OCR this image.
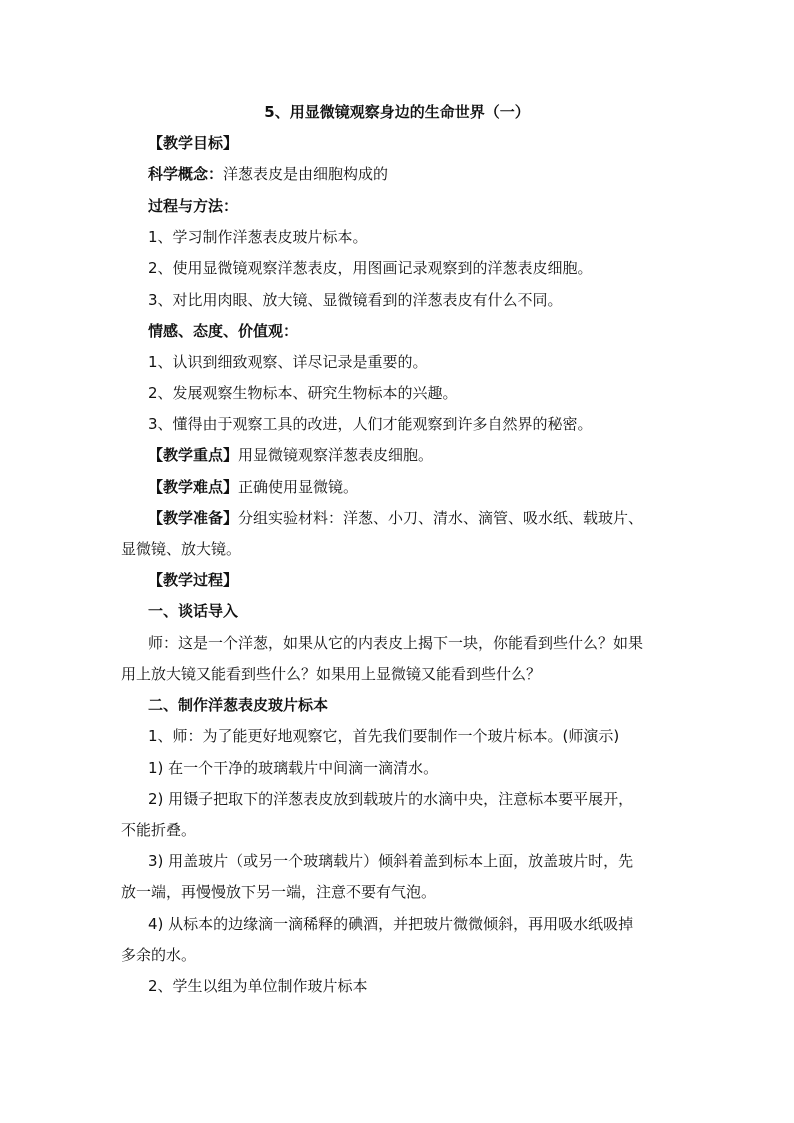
5、用显微镜观察身边的生命世界（一）
【教学目标】
科学概念：洋葱表皮是由细胞构成的
过程与方法：
1、学习制作洋葱表皮玻片标本。
2、使用显微镜观察洋葱表皮，用图画记录观察到的洋葱表皮细胞。
3、对比用肉眼、放大镜、显微镜看到的洋葱表皮有什么不同。
情感、态度、价值观：
1、认识到细致观察、详尽记录是重要的。
2、发展观察生物标本、研究生物标本的兴趣。
3、懂得由于观察工具的改进，人们才能观察到许多自然界的秘密。
【教学重点】用显微镜观察洋葱表皮细胞。
【教学难点】正确使用显微镜。
【教学准备】分组实验材料：洋葱、小刀、清水、滴管、吸水纸、载玻片、
显微镜、放大镜。
【教学过程】
一、谈话导入
师：这是一个洋葱，如果从它的内表皮上揭下一块，你能看到些什么？如果
用上放大镜又能看到些什么？如果用上显微镜又能看到些什么？
二、制作洋葱表皮玻片标本
1、师：为了能更好地观察它，首先我们要制作一个玻片标本。(师演示)
1) 在一个干净的玻璃载片中间滴一滴清水。
2) 用镊子把取下的洋葱表皮放到载玻片的水滴中央，注意标本要平展开，
不能折叠。
3) 用盖玻片（或另一个玻璃载片）倾斜着盖到标本上面，放盖玻片时，先
放一端，再慢慢放下另一端，注意不要有气泡。
4) 从标本的边缘滴一滴稀释的碘酒，并把玻片微微倾斜，再用吸水纸吸掉
多余的水。
2、学生以组为单位制作玻片标本
